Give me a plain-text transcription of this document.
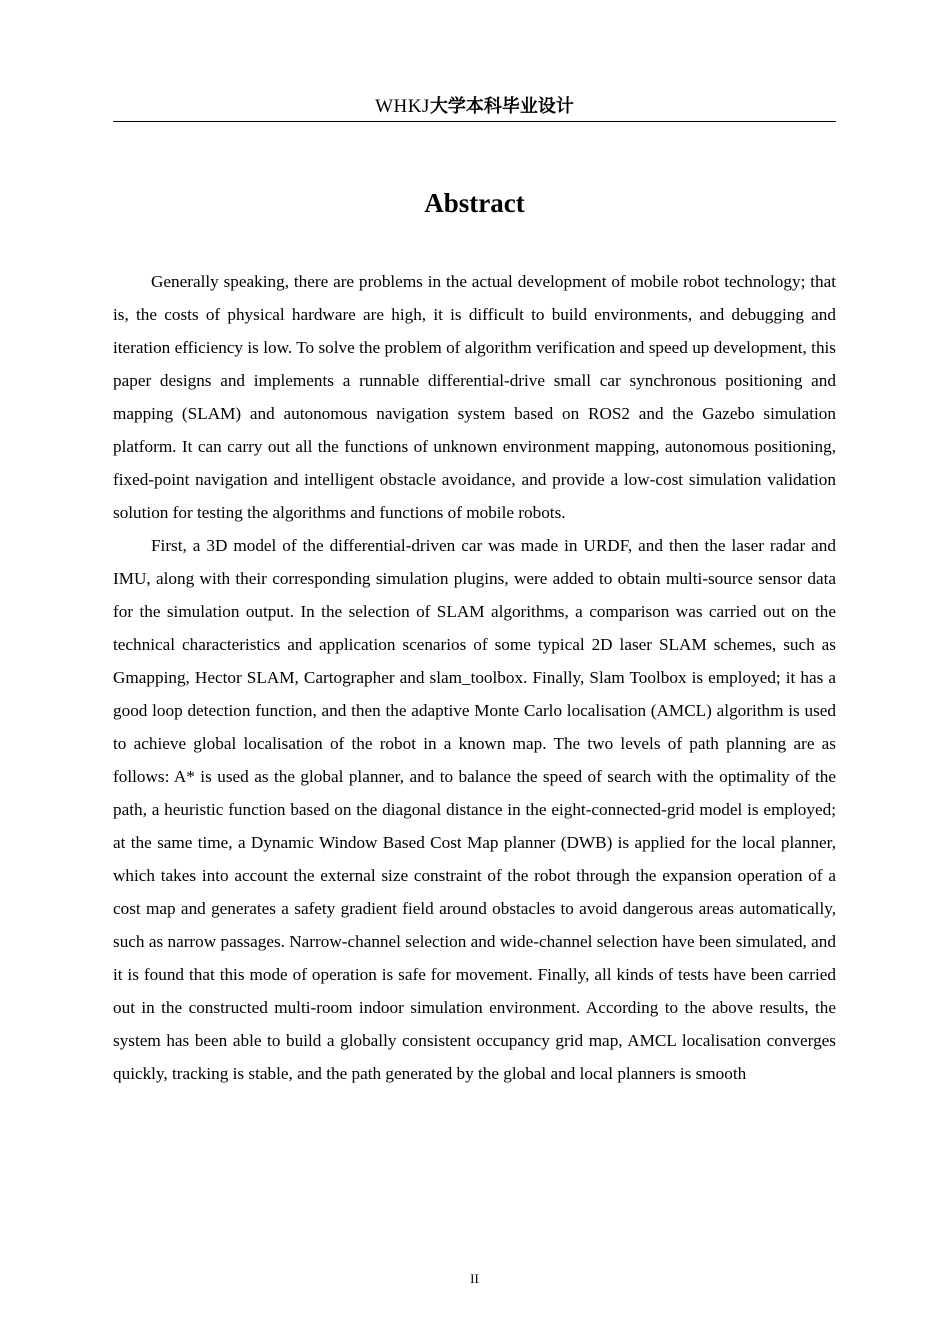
WHKJ大学本科毕业设计
Abstract

Generally speaking, there are problems in the actual development of mobile robot technology; that is, the costs of physical hardware are high, it is difficult to build environments, and debugging and iteration efficiency is low. To solve the problem of algorithm verification and speed up development, this paper designs and implements a runnable differential-drive small car synchronous positioning and mapping (SLAM) and autonomous navigation system based on ROS2 and the Gazebo simulation platform. It can carry out all the functions of unknown environment mapping, autonomous positioning, fixed-point navigation and intelligent obstacle avoidance, and provide a low-cost simulation validation solution for testing the algorithms and functions of mobile robots.

First, a 3D model of the differential-driven car was made in URDF, and then the laser radar and IMU, along with their corresponding simulation plugins, were added to obtain multi-source sensor data for the simulation output. In the selection of SLAM algorithms, a comparison was carried out on the technical characteristics and application scenarios of some typical 2D laser SLAM schemes, such as Gmapping, Hector SLAM, Cartographer and slam_toolbox. Finally, Slam Toolbox is employed; it has a good loop detection function, and then the adaptive Monte Carlo localisation (AMCL) algorithm is used to achieve global localisation of the robot in a known map. The two levels of path planning are as follows: A* is used as the global planner, and to balance the speed of search with the optimality of the path, a heuristic function based on the diagonal distance in the eight-connected-grid model is employed; at the same time, a Dynamic Window Based Cost Map planner (DWB) is applied for the local planner, which takes into account the external size constraint of the robot through the expansion operation of a cost map and generates a safety gradient field around obstacles to avoid dangerous areas automatically, such as narrow passages. Narrow-channel selection and wide-channel selection have been simulated, and it is found that this mode of operation is safe for movement. Finally, all kinds of tests have been carried out in the constructed multi-room indoor simulation environment. According to the above results, the system has been able to build a globally consistent occupancy grid map, AMCL localisation converges quickly, tracking is stable, and the path generated by the global and local planners is smooth

II
